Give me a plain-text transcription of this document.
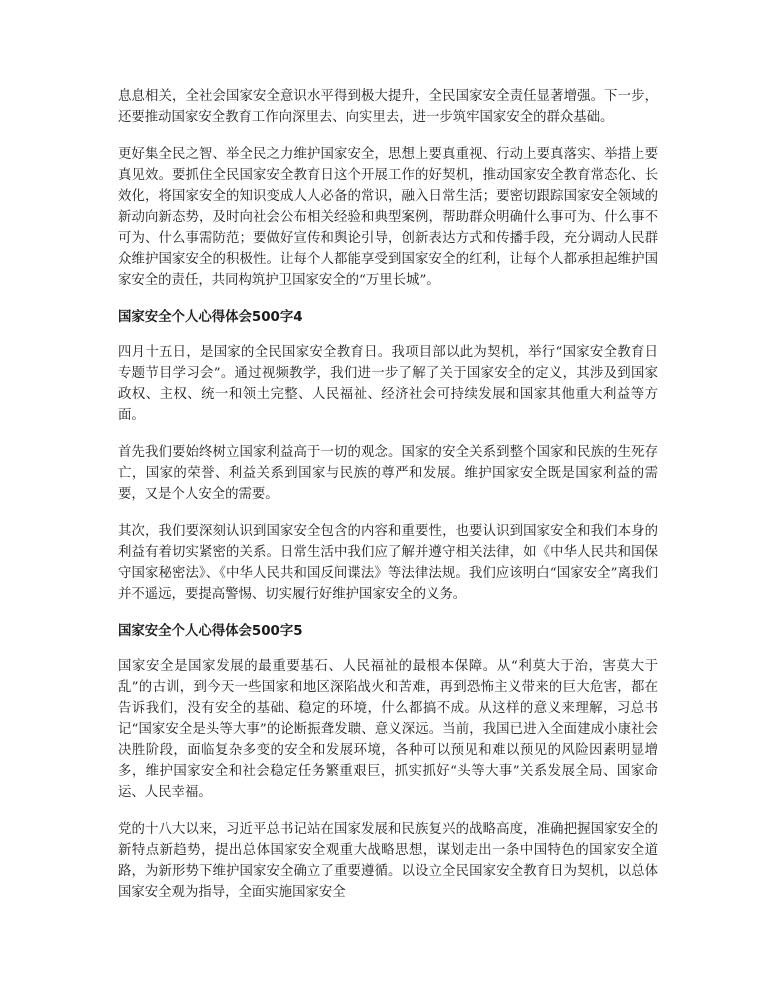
息息相关，全社会国家安全意识水平得到极大提升，全民国家安全责任显著增强。下一步，还要推动国家安全教育工作向深里去、向实里去，进一步筑牢国家安全的群众基础。

更好集全民之智、举全民之力维护国家安全，思想上要真重视、行动上要真落实、举措上要真见效。要抓住全民国家安全教育日这个开展工作的好契机，推动国家安全教育常态化、长效化，将国家安全的知识变成人人必备的常识，融入日常生活；要密切跟踪国家安全领域的新动向新态势，及时向社会公布相关经验和典型案例，帮助群众明确什么事可为、什么事不可为、什么事需防范；要做好宣传和舆论引导，创新表达方式和传播手段，充分调动人民群众维护国家安全的积极性。让每个人都能享受到国家安全的红利，让每个人都承担起维护国家安全的责任，共同构筑护卫国家安全的“万里长城”。

国家安全个人心得体会500字4

四月十五日，是国家的全民国家安全教育日。我项目部以此为契机，举行“国家安全教育日专题节目学习会”。通过视频教学，我们进一步了解了关于国家安全的定义，其涉及到国家政权、主权、统一和领土完整、人民福祉、经济社会可持续发展和国家其他重大利益等方面。

首先我们要始终树立国家利益高于一切的观念。国家的安全关系到整个国家和民族的生死存亡，国家的荣誉、利益关系到国家与民族的尊严和发展。维护国家安全既是国家利益的需要，又是个人安全的需要。

其次，我们要深刻认识到国家安全包含的内容和重要性，也要认识到国家安全和我们本身的利益有着切实紧密的关系。日常生活中我们应了解并遵守相关法律，如《中华人民共和国保守国家秘密法》、《中华人民共和国反间谍法》等法律法规。我们应该明白“国家安全”离我们并不遥远，要提高警惕、切实履行好维护国家安全的义务。

国家安全个人心得体会500字5

国家安全是国家发展的最重要基石、人民福祉的最根本保障。从“利莫大于治，害莫大于乱”的古训，到今天一些国家和地区深陷战火和苦难，再到恐怖主义带来的巨大危害，都在告诉我们，没有安全的基础、稳定的环境，什么都搞不成。从这样的意义来理解，习总书记“国家安全是头等大事”的论断振聋发聩、意义深远。当前，我国已进入全面建成小康社会决胜阶段，面临复杂多变的安全和发展环境，各种可以预见和难以预见的风险因素明显增多，维护国家安全和社会稳定任务繁重艰巨，抓实抓好“头等大事”关系发展全局、国家命运、人民幸福。

党的十八大以来，习近平总书记站在国家发展和民族复兴的战略高度，准确把握国家安全的新特点新趋势，提出总体国家安全观重大战略思想，谋划走出一条中国特色的国家安全道路，为新形势下维护国家安全确立了重要遵循。以设立全民国家安全教育日为契机，以总体国家安全观为指导，全面实施国家安全
